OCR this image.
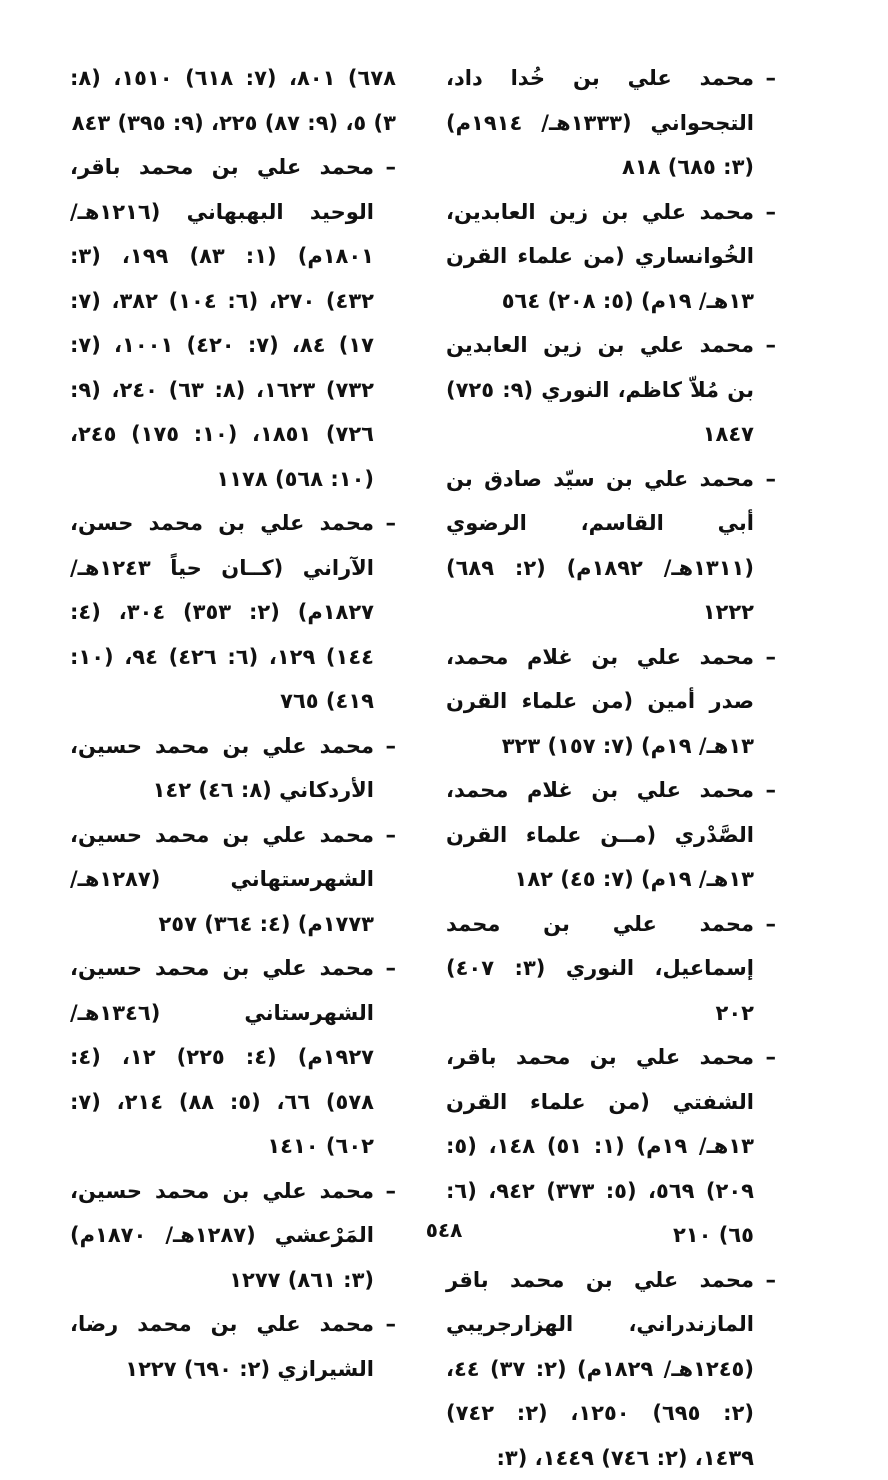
–محمد علي بن خُدا داد، التجحواني (١٣٣٣هـ/ ١٩١٤م) (٣: ٦٨٥) ٨١٨
–محمد علي بن زين العابدين، الخُوانساري (من علماء القرن ١٣هـ/ ١٩م) (٥: ٢٠٨) ٥٦٤
–محمد علي بن زين العابدين بن مُلاّ كاظم، النوري (٩: ٧٢٥) ١٨٤٧
–محمد علي بن سيّد صادق بن أبي القاسم، الرضوي (١٣١١هـ/ ١٨٩٢م) (٢: ٦٨٩) ١٢٢٢
–محمد علي بن غلام محمد، صدر أمين (من علماء القرن ١٣هـ/ ١٩م) (٧: ١٥٧) ٣٢٣
–محمد علي بن غلام محمد، الصَّدْري (مــن علماء القرن ١٣هـ/ ١٩م) (٧: ٤٥) ١٨٢
–محمد علي بن محمد إسماعيل، النوري (٣: ٤٠٧) ٢٠٢
–محمد علي بن محمد باقر، الشفتي (من علماء القرن ١٣هـ/ ١٩م) (١: ٥١) ١٤٨، (٥: ٢٠٩) ٥٦٩، (٥: ٣٧٣) ٩٤٢، (٦: ٦٥) ٢١٠
–محمد علي بن محمد باقر المازندراني، الهزارجريبي (١٢٤٥هـ/ ١٨٢٩م) (٢: ٣٧) ٤٤، (٢: ٦٩٥) ١٢٥٠، (٢: ٧٤٢) ١٤٣٩، (٢: ٧٤٦) ١٤٤٩، (٣:
٦٧٨) ٨٠١، (٧: ٦١٨) ١٥١٠، (٨: ٣) ٥، (٩: ٨٧) ٢٢٥، (٩: ٣٩٥) ٨٤٣
–محمد علي بن محمد باقر، الوحيد البهبهاني (١٢١٦هـ/ ١٨٠١م) (١: ٨٣) ١٩٩، (٣: ٤٣٢) ٢٧٠، (٦: ١٠٤) ٣٨٢، (٧: ١٧) ٨٤، (٧: ٤٢٠) ١٠٠١، (٧: ٧٣٢) ١٦٢٣، (٨: ٦٣) ٢٤٠، (٩: ٧٢٦) ١٨٥١، (١٠: ١٧٥) ٢٤٥، (١٠: ٥٦٨) ١١٧٨
–محمد علي بن محمد حسن، الآراني (كــان حياً ١٢٤٣هـ/ ١٨٢٧م) (٢: ٣٥٣) ٣٠٤، (٤: ١٤٤) ١٢٩، (٦: ٤٢٦) ٩٤، (١٠: ٤١٩) ٧٦٥
–محمد علي بن محمد حسين، الأردكاني (٨: ٤٦) ١٤٢
–محمد علي بن محمد حسين، الشهرستهاني (١٢٨٧هـ/ ١٧٧٣م) (٤: ٣٦٤) ٢٥٧
–محمد علي بن محمد حسين، الشهرستاني (١٣٤٦هـ/ ١٩٢٧م) (٤: ٢٢٥) ١٢، (٤: ٥٧٨) ٦٦، (٥: ٨٨) ٢١٤، (٧: ٦٠٢) ١٤١٠
–محمد علي بن محمد حسين، المَرْعشي (١٢٨٧هـ/ ١٨٧٠م) (٣: ٨٦١) ١٢٧٧
–محمد علي بن محمد رضا، الشيرازي (٢: ٦٩٠) ١٢٢٧
٥٤٨
